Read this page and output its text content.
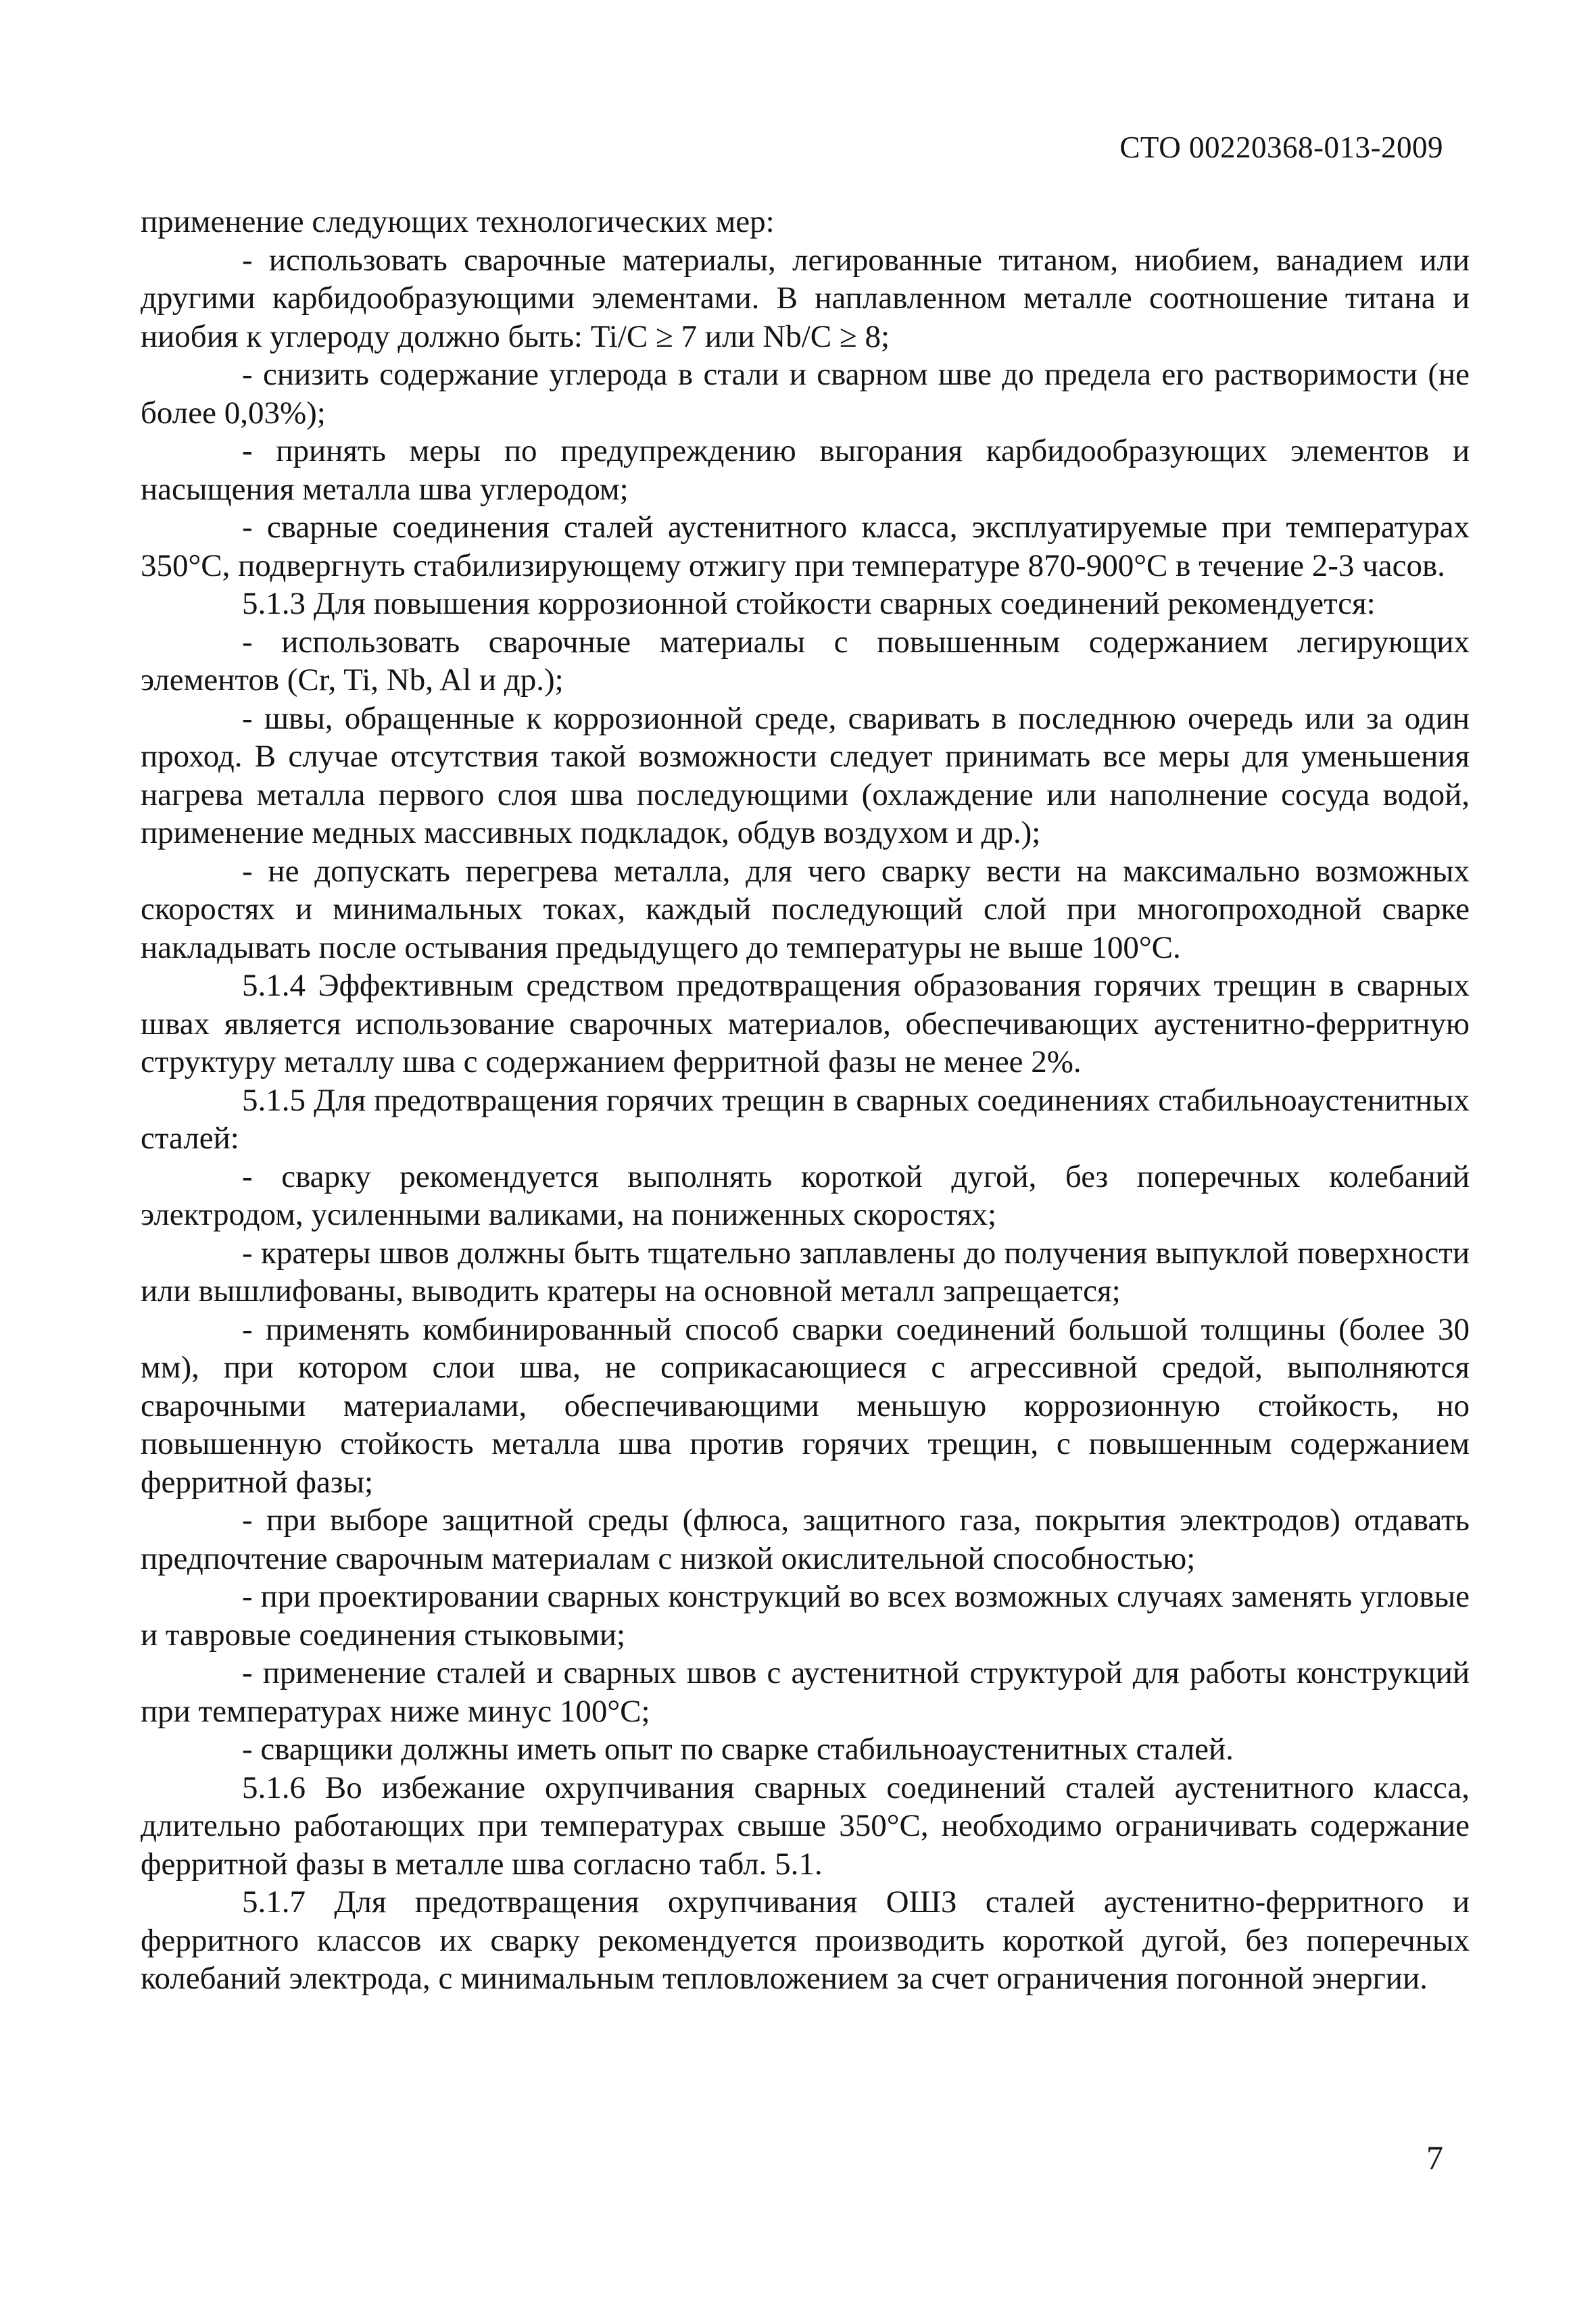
СТО 00220368-013-2009

применение следующих технологических мер:

- использовать сварочные материалы, легированные титаном, ниобием, ванадием или другими карбидообразующими элементами. В наплавленном металле соотношение титана и ниобия к углероду должно быть: Ti/C ≥ 7 или Nb/C ≥ 8;

- снизить содержание углерода в стали и сварном шве до предела его растворимости (не более 0,03%);

- принять меры по предупреждению выгорания карбидообразующих элементов и насыщения металла шва углеродом;

- сварные соединения сталей аустенитного класса, эксплуатируемые при температурах 350°С, подвергнуть стабилизирующему отжигу при температуре 870-900°С в течение 2-3 часов.

5.1.3 Для повышения коррозионной стойкости сварных соединений рекомендуется:

- использовать сварочные материалы с повышенным содержанием легирующих элементов (Cr, Ti, Nb, Al и др.);

- швы, обращенные к коррозионной среде, сваривать в последнюю очередь или за один проход. В случае отсутствия такой возможности следует принимать все меры для уменьшения нагрева металла первого слоя шва последующими (охлаждение или наполнение сосуда водой, применение медных массивных подкладок, обдув воздухом и др.);

- не допускать перегрева металла, для чего сварку вести на максимально возможных скоростях и минимальных токах, каждый последующий слой при многопроходной сварке накладывать после остывания предыдущего до температуры не выше 100°С.

5.1.4 Эффективным средством предотвращения образования горячих трещин в сварных швах является использование сварочных материалов, обеспечивающих аустенитно-ферритную структуру металлу шва с содержанием ферритной фазы не менее 2%.

5.1.5 Для предотвращения горячих трещин в сварных соединениях стабильноаустенитных сталей:

- сварку рекомендуется выполнять короткой дугой, без поперечных колебаний электродом, усиленными валиками, на пониженных скоростях;

- кратеры швов должны быть тщательно заплавлены до получения выпуклой поверхности или вышлифованы, выводить кратеры на основной металл запрещается;

- применять комбинированный способ сварки соединений большой толщины (более 30 мм), при котором слои шва, не соприкасающиеся с агрессивной средой, выполняются сварочными материалами, обеспечивающими меньшую коррозионную стойкость, но повышенную стойкость металла шва против горячих трещин, с повышенным содержанием ферритной фазы;

- при выборе защитной среды (флюса, защитного газа, покрытия электродов) отдавать предпочтение сварочным материалам с низкой окислительной способностью;

- при проектировании сварных конструкций во всех возможных случаях заменять угловые и тавровые соединения стыковыми;

- применение сталей и сварных швов с аустенитной структурой для работы конструкций при температурах ниже минус 100°С;

- сварщики должны иметь опыт по сварке стабильноаустенитных сталей.

5.1.6 Во избежание охрупчивания сварных соединений сталей аустенитного класса, длительно работающих при температурах свыше 350°С, необходимо ограничивать содержание ферритной фазы в металле шва согласно табл. 5.1.

5.1.7 Для предотвращения охрупчивания ОШЗ сталей аустенитно-ферритного и ферритного классов их сварку рекомендуется производить короткой дугой, без поперечных колебаний электрода, с минимальным тепловложением за счет ограничения погонной энергии.

7
